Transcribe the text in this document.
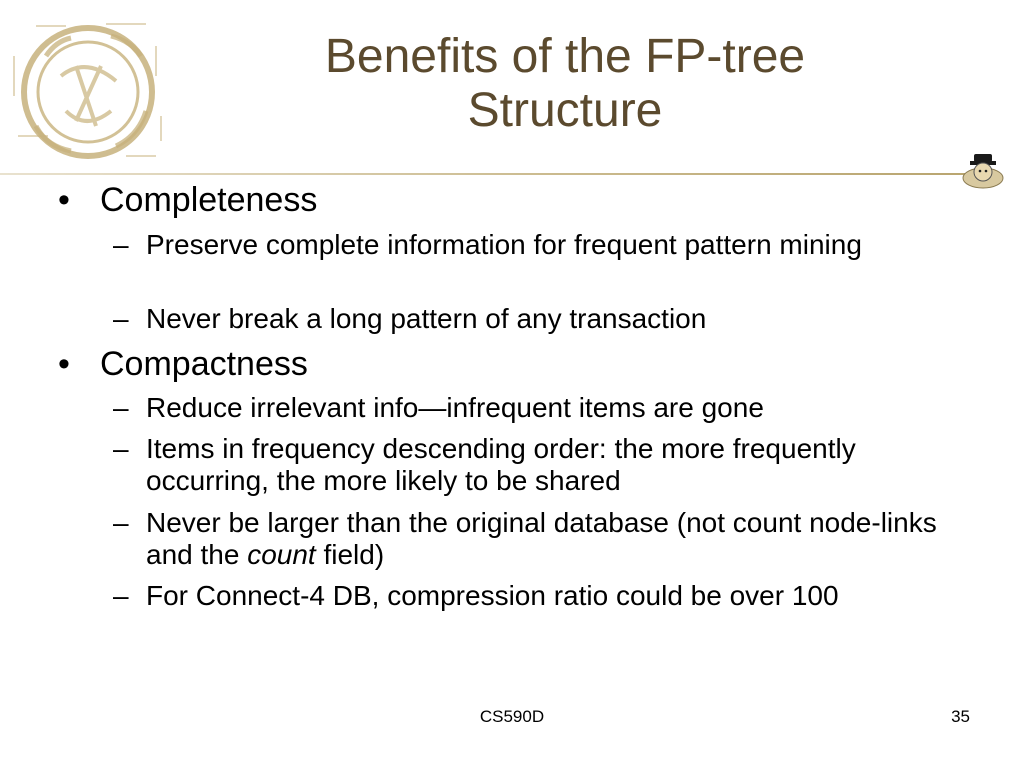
Benefits of the FP-tree
Structure
• Completeness
– Preserve complete information for frequent pattern mining
– Never break a long pattern of any transaction
• Compactness
– Reduce irrelevant info—infrequent items are gone
– Items in frequency descending order: the more frequently occurring, the more likely to be shared
– Never be larger than the original database (not count node-links and the count field)
– For Connect-4 DB, compression ratio could be over 100
CS590D	35
